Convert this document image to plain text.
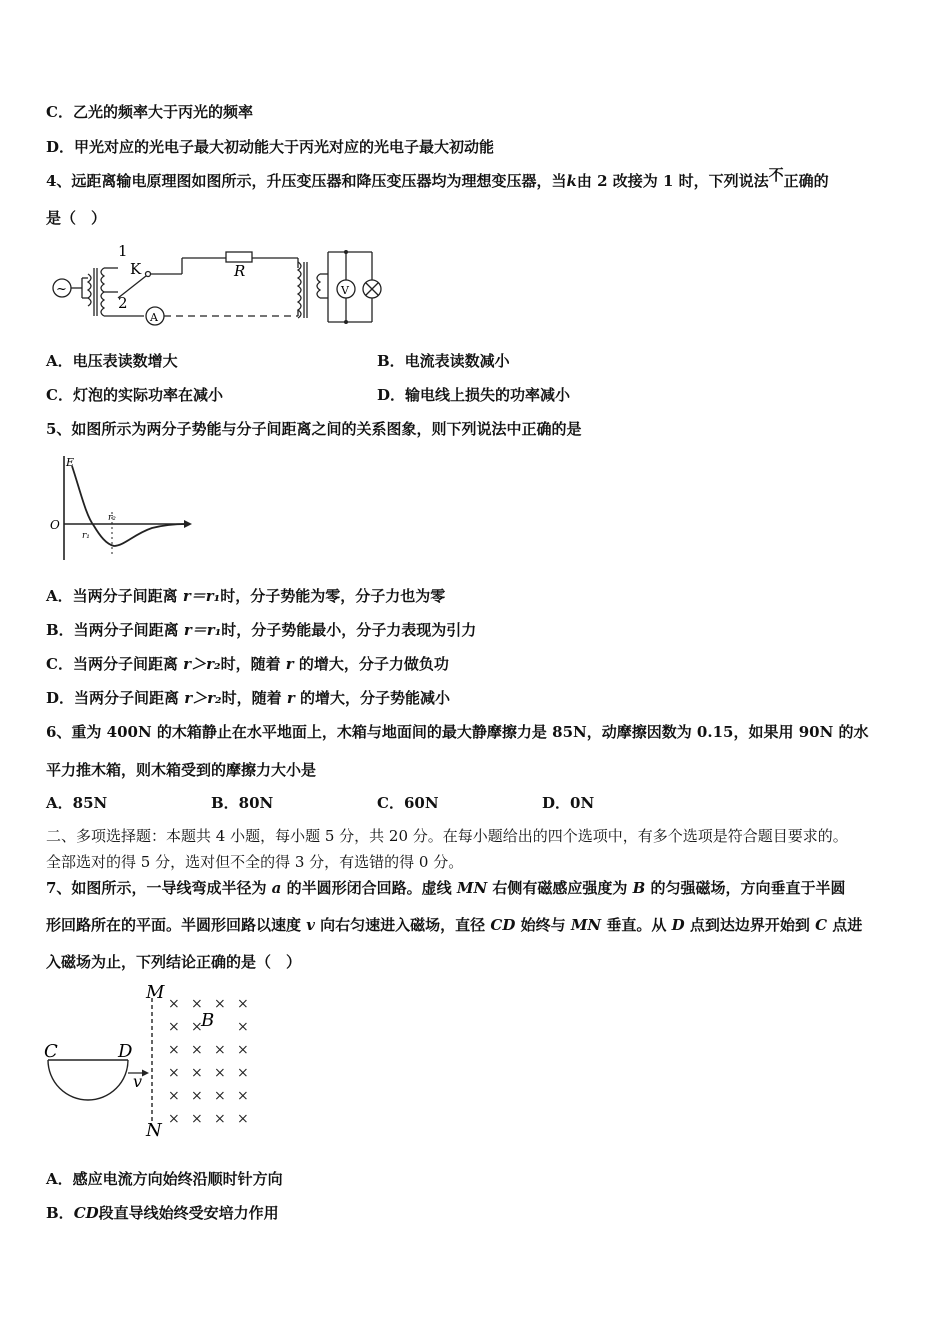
C．乙光的频率大于丙光的频率
D．甲光对应的光电子最大初动能大于丙光对应的光电子最大初动能
4、远距离输电原理图如图所示，升压变压器和降压变压器均为理想变压器，当k由 2 改接为 1 时，下列说法不正确的
是（　）
~
1
2
K	R
A
V
A．电压表读数增大	B．电流表读数减小
C．灯泡的实际功率在减小	D．输电线上损失的功率减小
5、如图所示为两分子势能与分子间距离之间的关系图象，则下列说法中正确的是
E
O
r₁
r₂
A．当两分子间距离 r＝r₁时，分子势能为零，分子力也为零
B．当两分子间距离 r＝r₁时，分子势能最小，分子力表现为引力
C．当两分子间距离 r＞r₂时，随着 r 的增大，分子力做负功
D．当两分子间距离 r＞r₂时，随着 r 的增大，分子势能减小
6、重为 400N 的木箱静止在水平地面上，木箱与地面间的最大静摩擦力是 85N，动摩擦因数为 0.15，如果用 90N 的水
平力推木箱，则木箱受到的摩擦力大小是
A．85N	B．80N	C．60N	D．0N
二、多项选择题：本题共 4 小题，每小题 5 分，共 20 分。在每小题给出的四个选项中，有多个选项是符合题目要求的。
全部选对的得 5 分，选对但不全的得 3 分，有选错的得 0 分。
7、如图所示，一导线弯成半径为 a 的半圆形闭合回路。虚线 MN 右侧有磁感应强度为 B 的匀强磁场，方向垂直于半圆
形回路所在的平面。半圆形回路以速度 v 向右匀速进入磁场，直径 CD 始终与 MN 垂直。从 D 点到达边界开始到 C 点进
入磁场为止，下列结论正确的是（　）
M
N
C	D
v
B
× × × ×
× × ×
× × × ×
× × × ×
× × × ×
× × × ×
A．感应电流方向始终沿顺时针方向
B．CD段直导线始终受安培力作用
